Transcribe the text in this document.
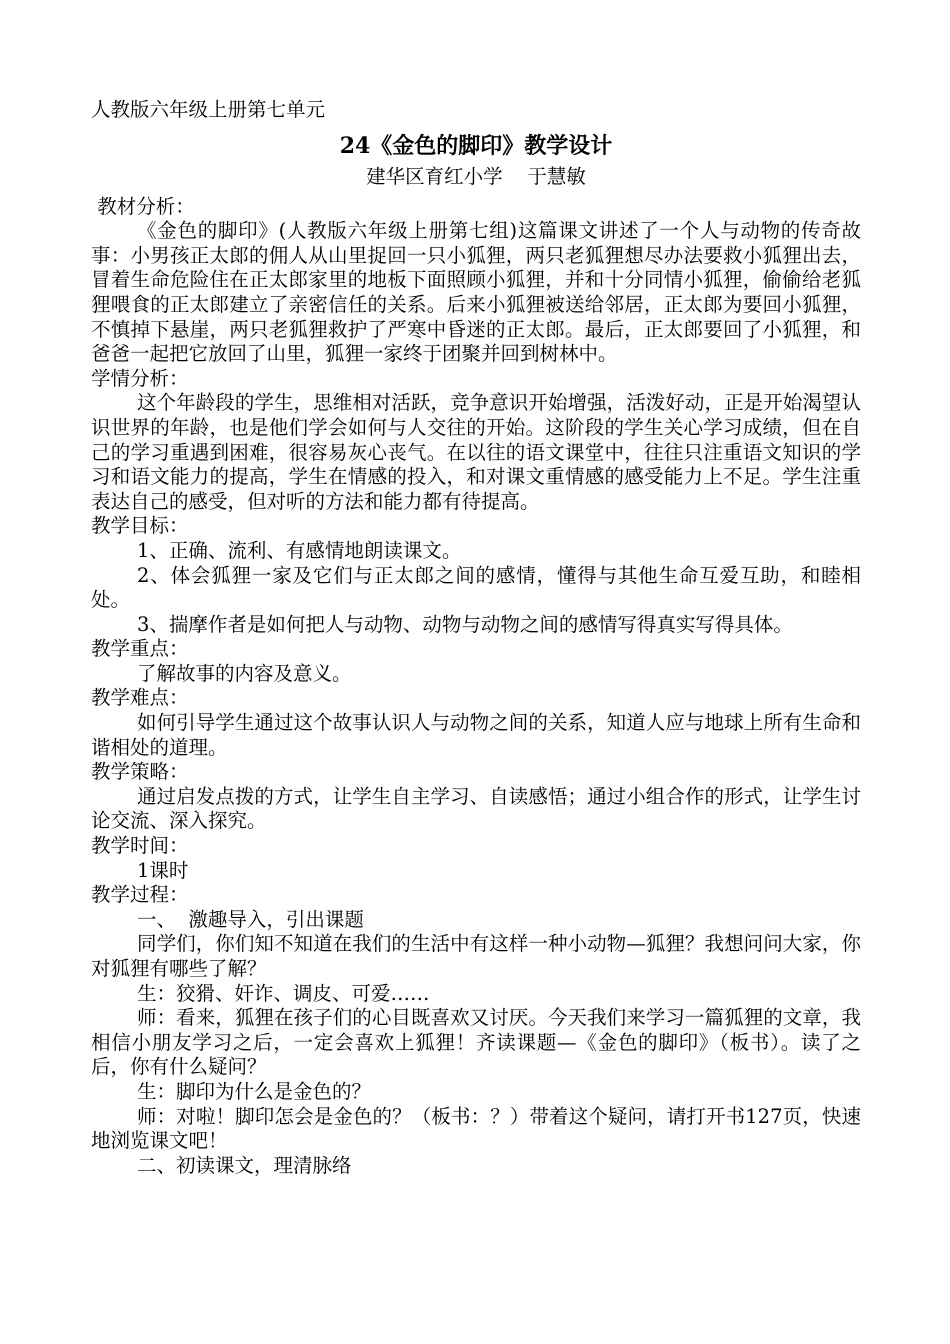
人教版六年级上册第七单元

24《金色的脚印》教学设计

建华区育红小学    于慧敏

教材分析：

《金色的脚印》(人教版六年级上册第七组)这篇课文讲述了一个人与动物的传奇故事：小男孩正太郎的佣人从山里捉回一只小狐狸，两只老狐狸想尽办法要救小狐狸出去，冒着生命危险住在正太郎家里的地板下面照顾小狐狸，并和十分同情小狐狸，偷偷给老狐狸喂食的正太郎建立了亲密信任的关系。后来小狐狸被送给邻居，正太郎为要回小狐狸，不慎掉下悬崖，两只老狐狸救护了严寒中昏迷的正太郎。最后，正太郎要回了小狐狸，和爸爸一起把它放回了山里，狐狸一家终于团聚并回到树林中。

学情分析：

这个年龄段的学生，思维相对活跃，竞争意识开始增强，活泼好动，正是开始渴望认识世界的年龄，也是他们学会如何与人交往的开始。这阶段的学生关心学习成绩，但在自己的学习重遇到困难，很容易灰心丧气。在以往的语文课堂中，往往只注重语文知识的学习和语文能力的提高，学生在情感的投入，和对课文重情感的感受能力上不足。学生注重表达自己的感受，但对听的方法和能力都有待提高。

教学目标：

1、正确、流利、有感情地朗读课文。

2、体会狐狸一家及它们与正太郎之间的感情，懂得与其他生命互爱互助，和睦相处。

3、揣摩作者是如何把人与动物、动物与动物之间的感情写得真实写得具体。

教学重点：

了解故事的内容及意义。

教学难点：

如何引导学生通过这个故事认识人与动物之间的关系，知道人应与地球上所有生命和谐相处的道理。

教学策略：

通过启发点拨的方式，让学生自主学习、自读感悟；通过小组合作的形式，让学生讨论交流、深入探究。

教学时间：

1课时

教学过程：

一、  激趣导入，引出课题

同学们，你们知不知道在我们的生活中有这样一种小动物—狐狸？我想问问大家，你对狐狸有哪些了解？

生：狡猾、奸诈、调皮、可爱……

师：看来，狐狸在孩子们的心目既喜欢又讨厌。今天我们来学习一篇狐狸的文章，我相信小朋友学习之后，一定会喜欢上狐狸！齐读课题—《金色的脚印》（板书）。读了之后，你有什么疑问？

生：脚印为什么是金色的？

师：对啦！脚印怎会是金色的？（板书：？）带着这个疑问，请打开书127页，快速地浏览课文吧！

二、初读课文，理清脉络
